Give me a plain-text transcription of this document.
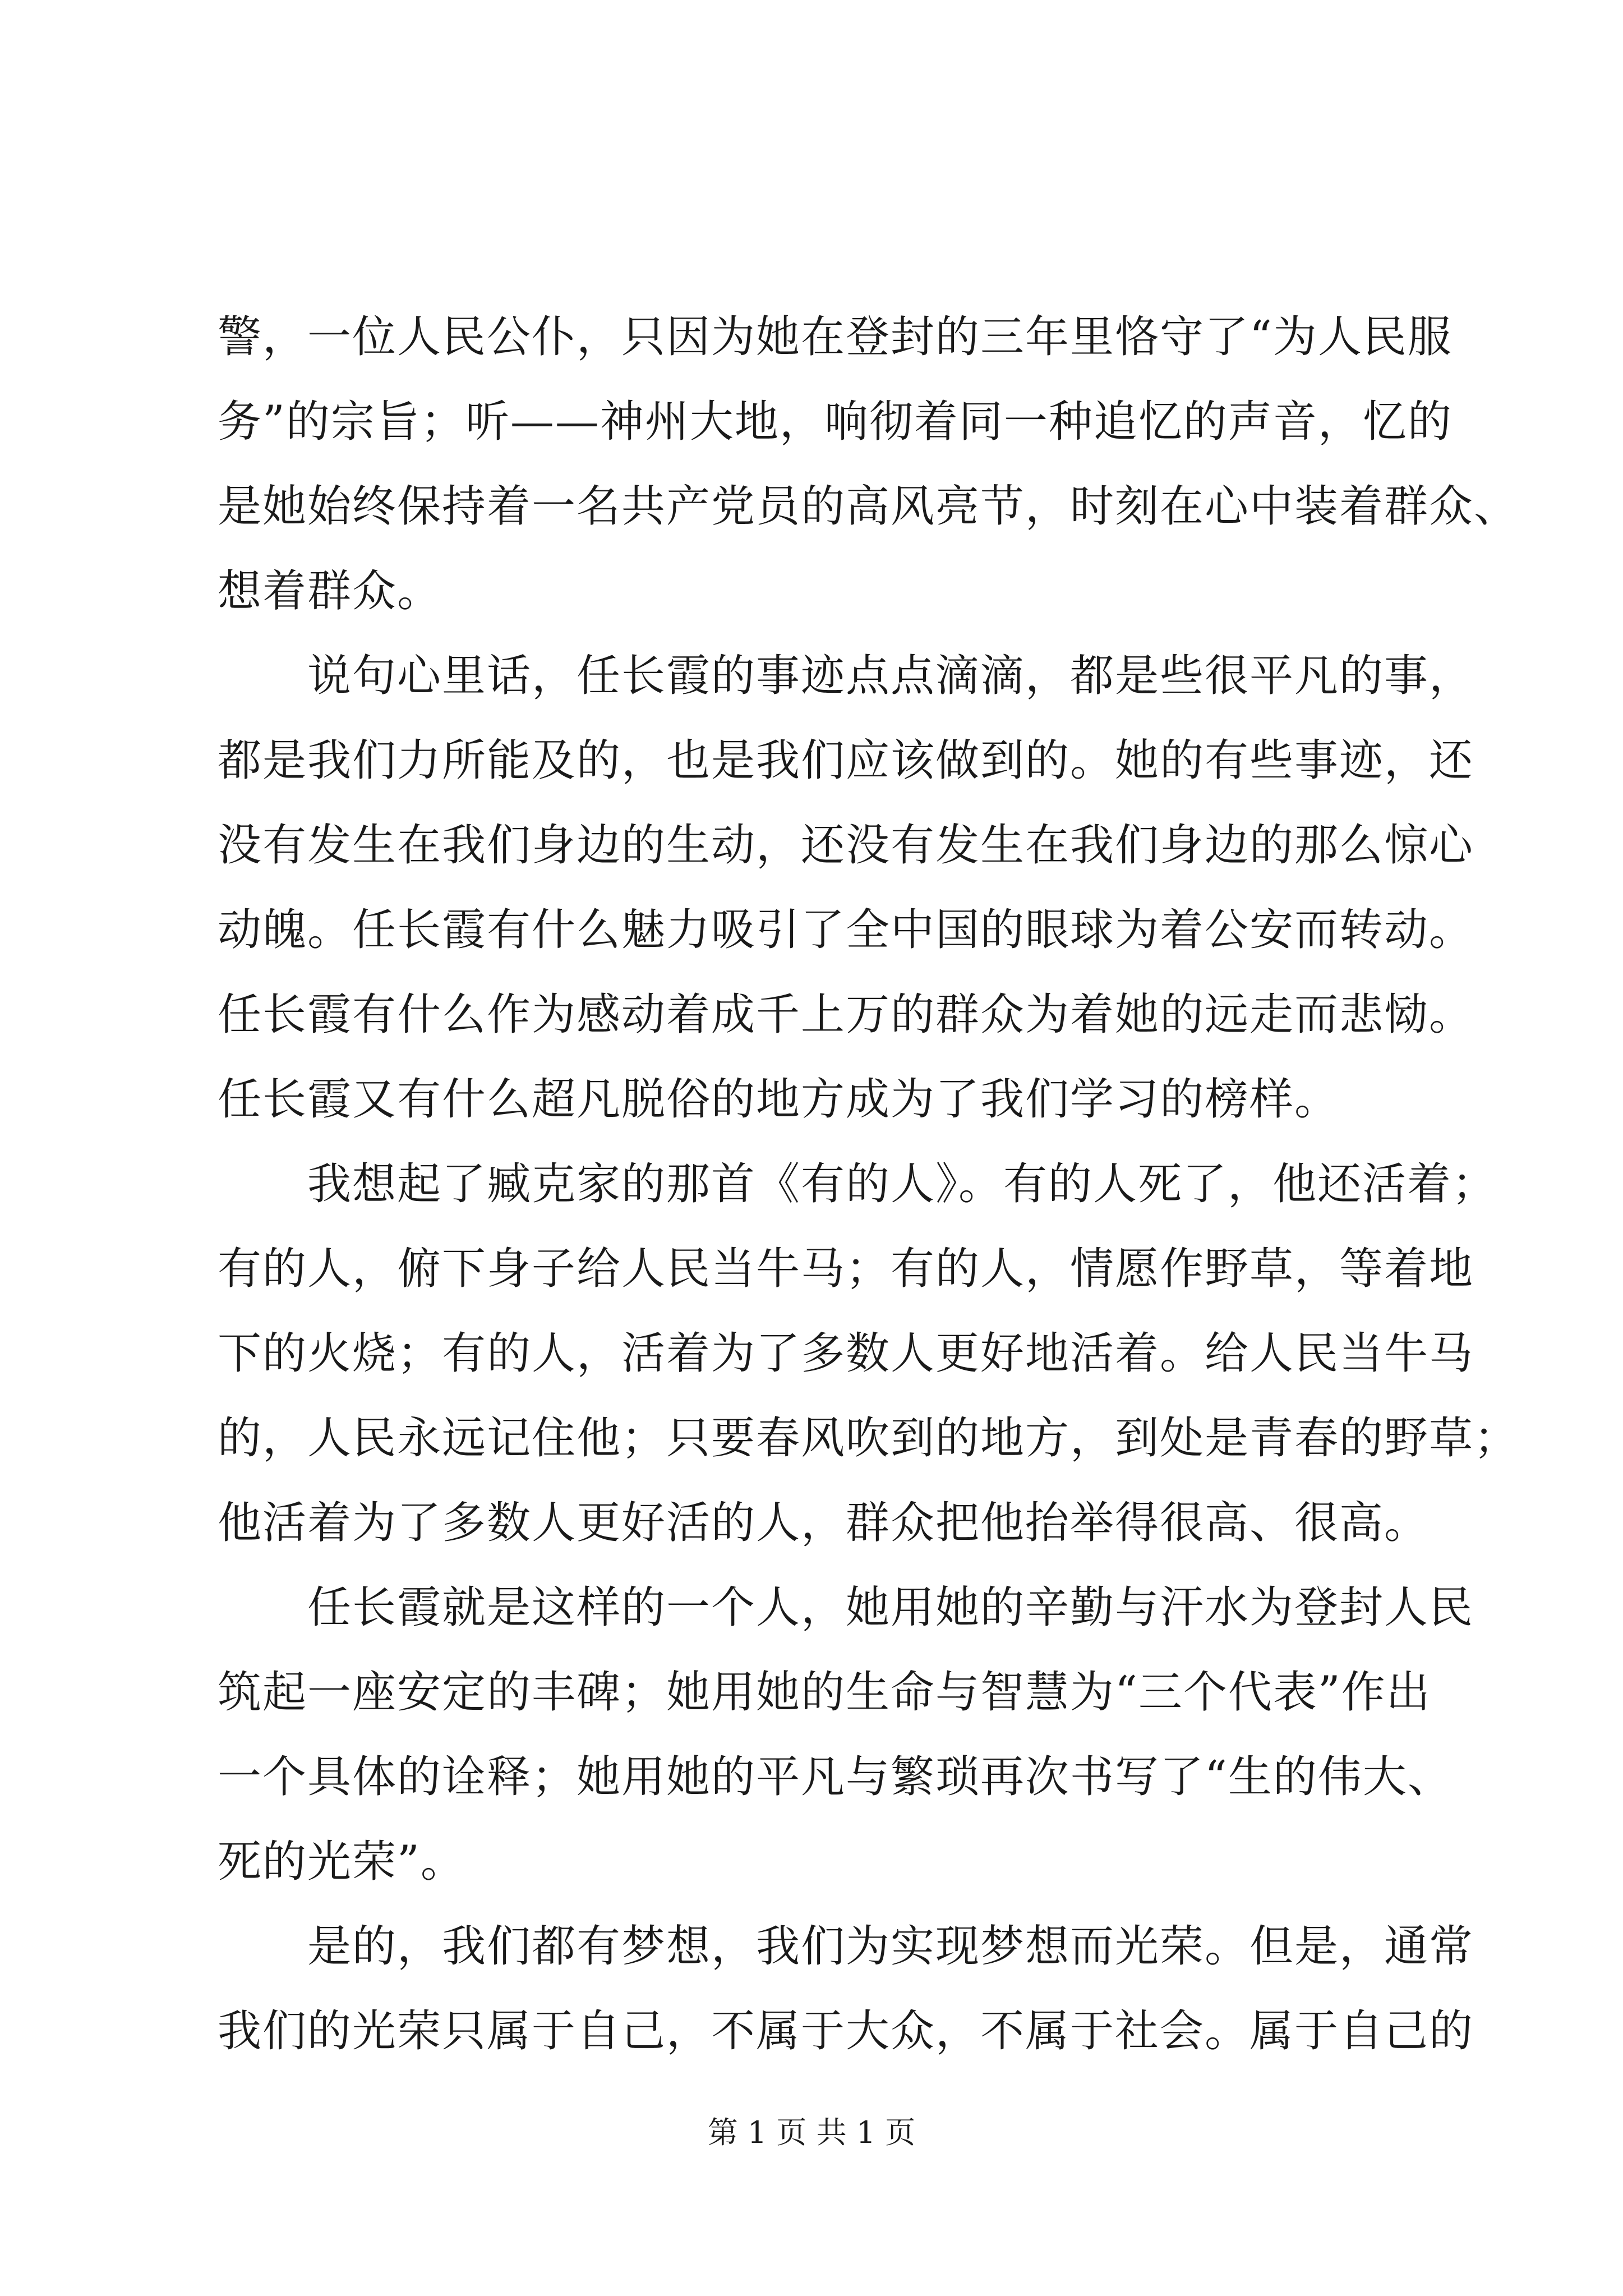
警，一位人民公仆，只因为她在登封的三年里恪守了“为人民服
务”的宗旨；听——神州大地，响彻着同一种追忆的声音，忆的
是她始终保持着一名共产党员的高风亮节，时刻在心中装着群众、
想着群众。
说句心里话，任长霞的事迹点点滴滴，都是些很平凡的事，
都是我们力所能及的，也是我们应该做到的。她的有些事迹，还
没有发生在我们身边的生动，还没有发生在我们身边的那么惊心
动魄。任长霞有什么魅力吸引了全中国的眼球为着公安而转动。
任长霞有什么作为感动着成千上万的群众为着她的远走而悲恸。
任长霞又有什么超凡脱俗的地方成为了我们学习的榜样。
我想起了臧克家的那首《有的人》。有的人死了，他还活着；
有的人，俯下身子给人民当牛马；有的人，情愿作野草，等着地
下的火烧；有的人，活着为了多数人更好地活着。给人民当牛马
的，人民永远记住他；只要春风吹到的地方，到处是青春的野草；
他活着为了多数人更好活的人，群众把他抬举得很高、很高。
任长霞就是这样的一个人，她用她的辛勤与汗水为登封人民
筑起一座安定的丰碑；她用她的生命与智慧为“三个代表”作出
一个具体的诠释；她用她的平凡与繁琐再次书写了“生的伟大、
死的光荣”。
是的，我们都有梦想，我们为实现梦想而光荣。但是，通常
我们的光荣只属于自己，不属于大众，不属于社会。属于自己的
第 1 页 共 1 页
